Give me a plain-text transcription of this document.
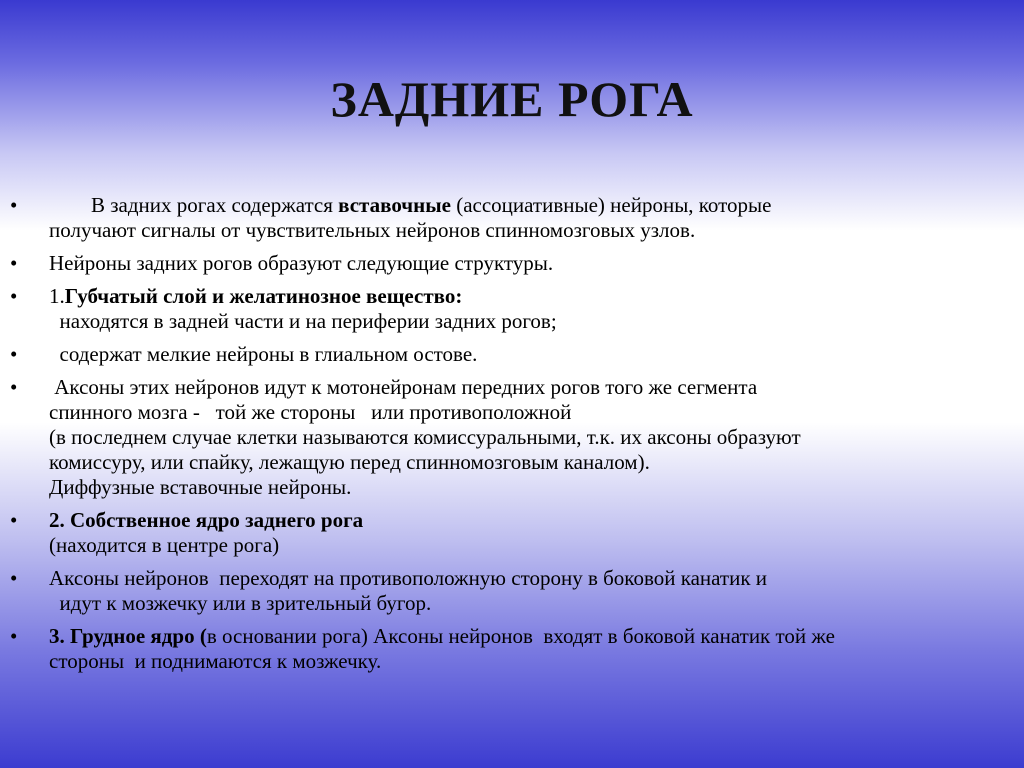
ЗАДНИЕ РОГА
•	В задних рогах содержатся вставочные (ассоциативные) нейроны, которые
получают сигналы от чувствительных нейронов спинномозговых узлов.
•	Нейроны задних рогов образуют следующие структуры.
•	1.Губчатый слой и желатинозное вещество:
находятся в задней части и на периферии задних рогов;
•	содержат мелкие нейроны в глиальном остове.
•	Аксоны этих нейронов идут к мотонейронам передних рогов того же сегмента
спинного мозга -   той же стороны   или противоположной
(в последнем случае клетки называются комиссуральными, т.к. их аксоны образуют
комиссуру, или спайку, лежащую перед спинномозговым каналом).
Диффузные вставочные нейроны.
•	2. Собственное ядро заднего рога
(находится в центре рога)
•	Аксоны нейронов  переходят на противоположную сторону в боковой канатик и
идут к мозжечку или в зрительный бугор.
•	3. Грудное ядро (в основании рога) Аксоны нейронов  входят в боковой канатик той же
стороны  и поднимаются к мозжечку.
